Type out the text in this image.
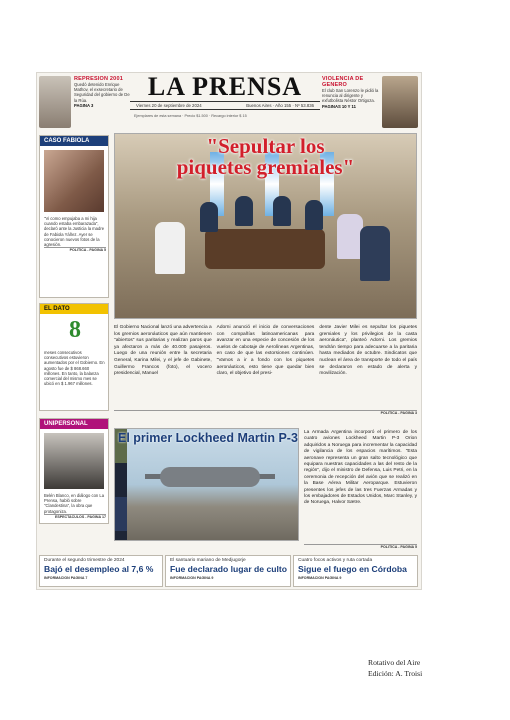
REPRESION 2001
Quedó detenido Enrique Mathov, el exsecretario de Seguridad del gobierno de De la Rúa.
PAGINA 3
LA PRENSA
Viernes 20 de septiembre de 2024	Buenos Aires · Año 155 · Nº 53.836
Ejemplares de esta semana · Precio $1.500 · Recargo interior $ 15
VIOLENCIA DE GENERO
El club San Lorenzo le pidió la renuncia al dirigente y exfutbolista Néstor Ortigoza.
PAGINAS 10 Y 11
CASO FABIOLA
"Vi como empujaba a mi hija cuando estaba embarazada", declaró ante la Justicia la madre de Fabiola Yáñez. Ayer se conocieron nuevos fotos de la agresión.
POLITICA - PAGINA 5
EL DATO
8
meses consecutivos consecutivos estuvieron aumentados por el Gobierno. En agosto fue de $ 868.660 millones. En tanto, la balanza comercial del mismo mes se ubicó en $ 1.967 millones.
UNIPERSONAL
Belén Blanco, en diálogo con La Prensa, habló sobre "Clandestina", la obra que protagoniza.
ESPECTACULOS - PAGINA 17
"Sepultar los
piquetes gremiales"
El Gobierno Nacional lanzó una advertencia a los gremios aeronáuticos que aún mantienen "abiertos" sus paritarias y realizan paros que ya afectaron a más de 40.000 pasajeros. Luego de una reunión entre la secretaria General, Karina Milei, y el jefe de Gabinete, Guillermo Francos (foto), el vocero presidencial, Manuel
Adorni anunció el inicio de conversaciones con compañías latinoamericanas para avanzar en una especie de concesión de los vuelos de cabotaje de Aerolíneas Argentinas, en caso de que las extorsiones continúen. "Vamos a ir a fondo con los piquetes aeronáuticos, esto tiene que quedar bien claro, el objetivo del presi-
dente Javier Milei es sepultar los piquetes gremiales y los privilegios de la casta aeronáutica", planteó Adorni. Los gremios tendrán tiempo para adecuarse a la paritaria hasta mediados de octubre. Sindicatos que nuclean el área de transporte de todo el país se declararon en estado de alerta y movilización.
POLITICA - PAGINA 3
El primer Lockheed Martin P-3 La Armada Argentina incorporó el primero de los cuatro aviones Lockheed Martin P-3 Orion adquiridos a Noruega para incrementar la capacidad de vigilancia de los espacios marítimos. "Esta aeronave representa un gran salto tecnológico que equipara nuestras capacidades a las del resto de la región", dijo el ministro de Defensa, Luis Petri, en la ceremonia de recepción del avión que se realizó en la Base Aérea Militar Aeroparque. Estuvieron presentes los jefes de las tres Fuerzas Armadas y los embajadores de Estados Unidos, Marc Stanley, y de Noruega, Halvor Sætre.
POLITICA - PAGINA 5
Durante el segundo trimestre de 2024
Bajó el desempleo al 7,6 %
INFORMACION PAGINA 7
El santuario mariano de Medjugorje
Fue declarado lugar de culto
INFORMACION PAGINA 9
Cuatro focos activos y ruta cortada
Sigue el fuego en Córdoba
INFORMACION PAGINA 9
Rotativo del Aire
Edición: A. Troisi
